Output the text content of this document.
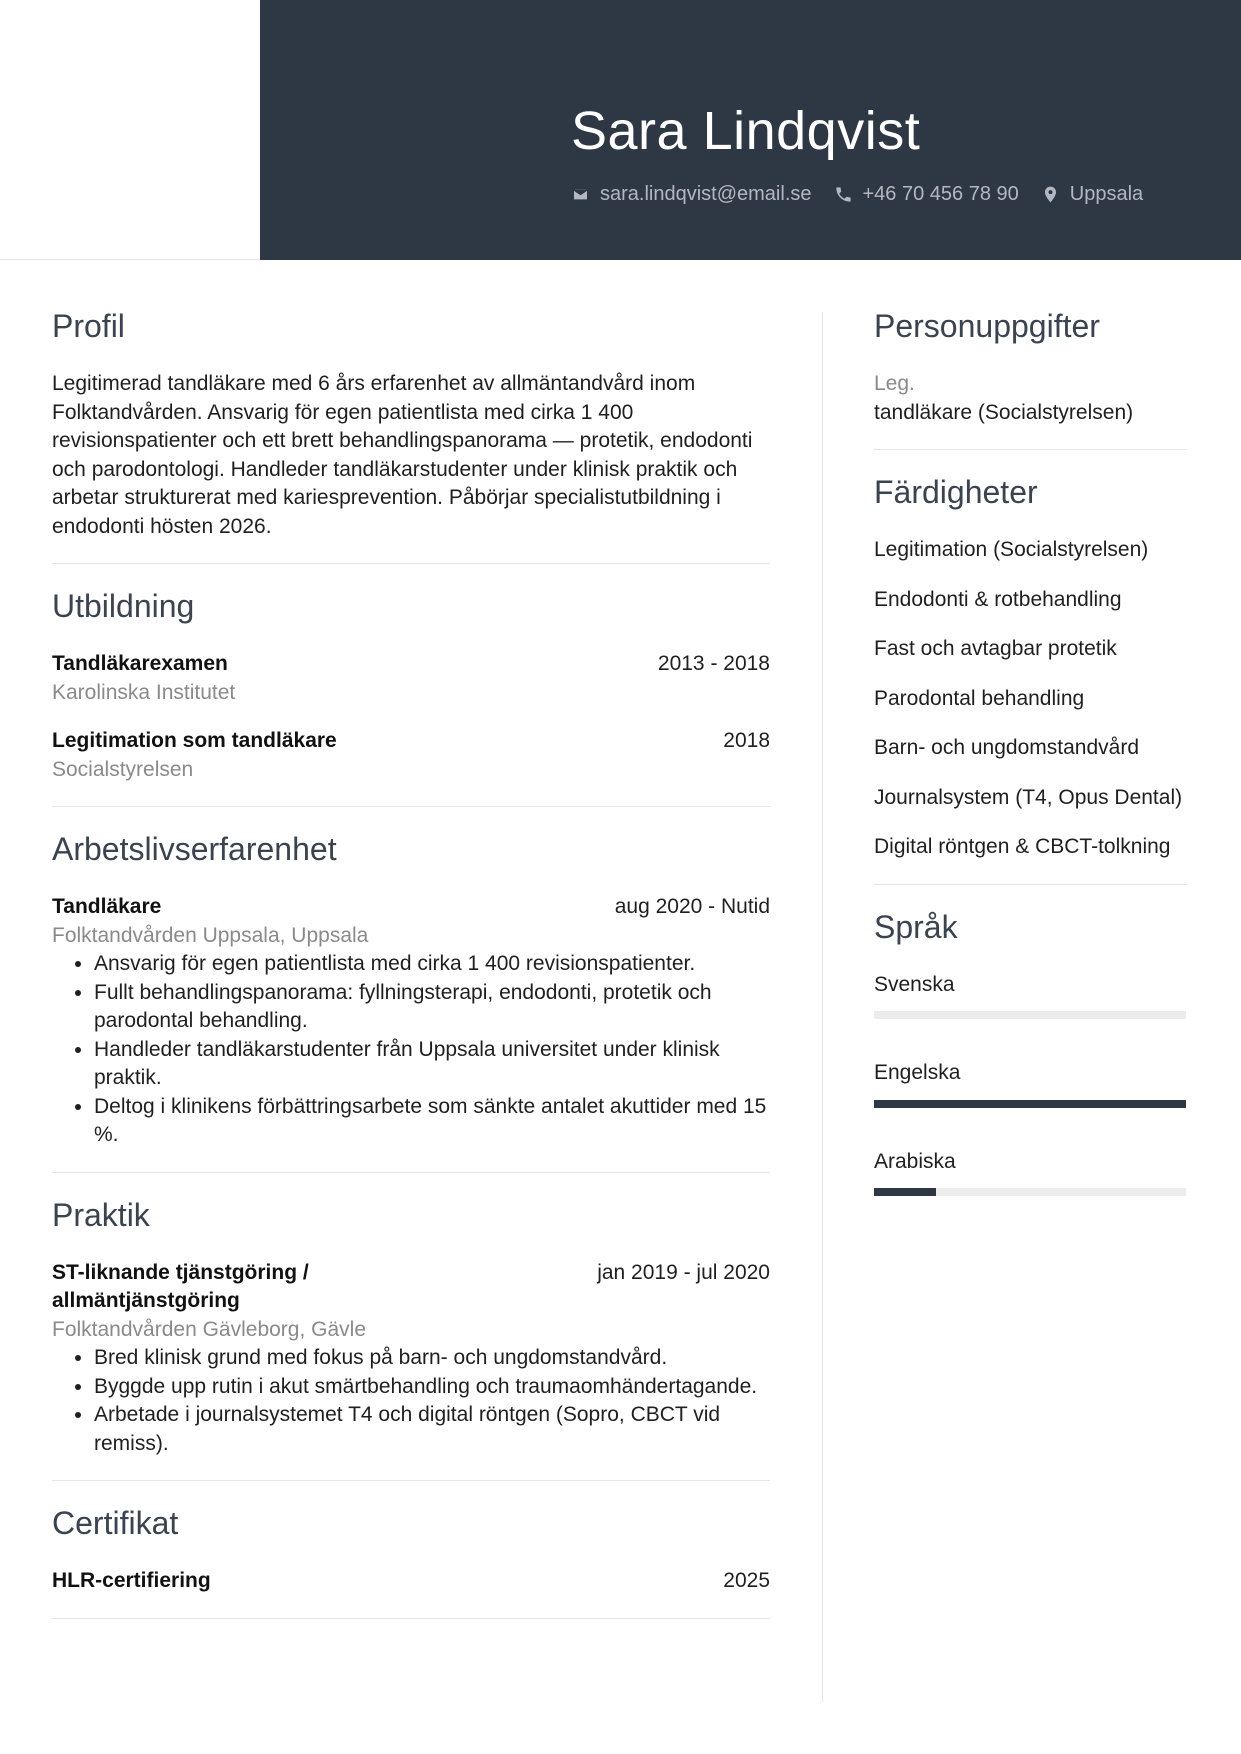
Sara Lindqvist
sara.lindqvist@email.se	+46 70 456 78 90	Uppsala
Profil

Legitimerad tandläkare med 6 års erfarenhet av allmäntandvård inom Folktandvården. Ansvarig för egen patientlista med cirka 1 400 revisionspatienter och ett brett behandlingspanorama — protetik, endodonti och parodontologi. Handleder tandläkarstudenter under klinisk praktik och arbetar strukturerat med kariesprevention. Påbörjar specialistutbildning i endodonti hösten 2026.

Utbildning
Tandläkarexamen	2013 - 2018
Karolinska Institutet
Legitimation som tandläkare	2018
Socialstyrelsen
Arbetslivserfarenhet
Tandläkare	aug 2020 - Nutid
Folktandvården Uppsala, Uppsala
• Ansvarig för egen patientlista med cirka 1 400 revisionspatienter.
• Fullt behandlingspanorama: fyllningsterapi, endodonti, protetik och parodontal behandling.
• Handleder tandläkarstudenter från Uppsala universitet under klinisk praktik.
• Deltog i klinikens förbättringsarbete som sänkte antalet akuttider med 15 %.
Praktik
ST-liknande tjänstgöring / allmäntjänstgöring
jan 2019 - jul 2020
Folktandvården Gävleborg, Gävle
• Bred klinisk grund med fokus på barn- och ungdomstandvård.
• Byggde upp rutin i akut smärtbehandling och traumaomhändertagande.
• Arbetade i journalsystemet T4 och digital röntgen (Sopro, CBCT vid remiss).
Certifikat
HLR-certifiering	2025
Personuppgifter
Leg.
tandläkare (Socialstyrelsen)
Färdigheter
Legitimation (Socialstyrelsen)
Endodonti & rotbehandling
Fast och avtagbar protetik
Parodontal behandling
Barn- och ungdomstandvård
Journalsystem (T4, Opus Dental)
Digital röntgen & CBCT-tolkning
Språk
Svenska
Engelska
Arabiska
